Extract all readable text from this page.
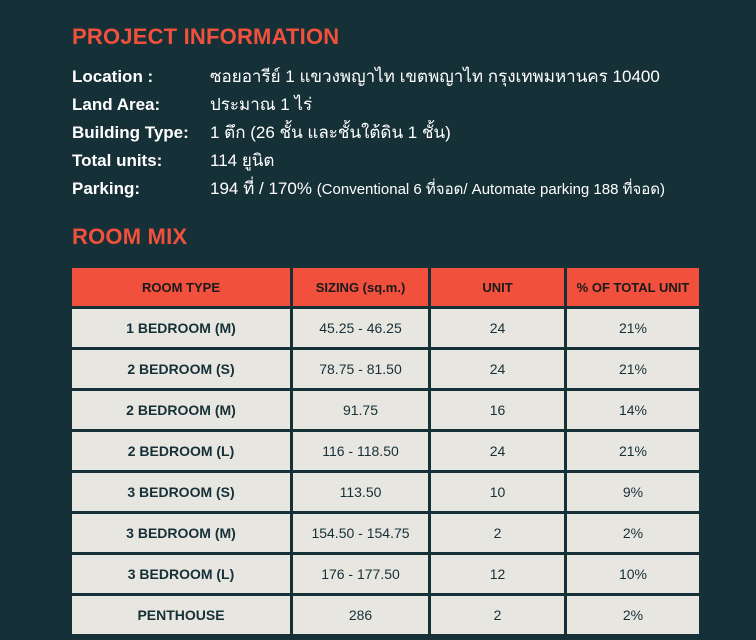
PROJECT INFORMATION
Location :	ซอยอารีย์ 1 แขวงพญาไท เขตพญาไท กรุงเทพมหานคร 10400
Land Area:	ประมาณ 1 ไร่
Building Type:	1 ตึก (26 ชั้น และชั้นใต้ดิน 1 ชั้น)
Total units:	114 ยูนิต
Parking:	194 ที่ / 170% (Conventional 6 ที่จอด/ Automate parking 188 ที่จอด)
ROOM MIX
ROOM TYPE	SIZING (sq.m.)	UNIT	% OF TOTAL UNIT
1 BEDROOM (M)	45.25 - 46.25	24	21%
2 BEDROOM (S)	78.75 - 81.50	24	21%
2 BEDROOM (M)	91.75	16	14%
2 BEDROOM (L)	116 - 118.50	24	21%
3 BEDROOM (S)	113.50	10	9%
3 BEDROOM (M)	154.50 - 154.75	2	2%
3 BEDROOM (L)	176 - 177.50	12	10%
PENTHOUSE	286	2	2%
